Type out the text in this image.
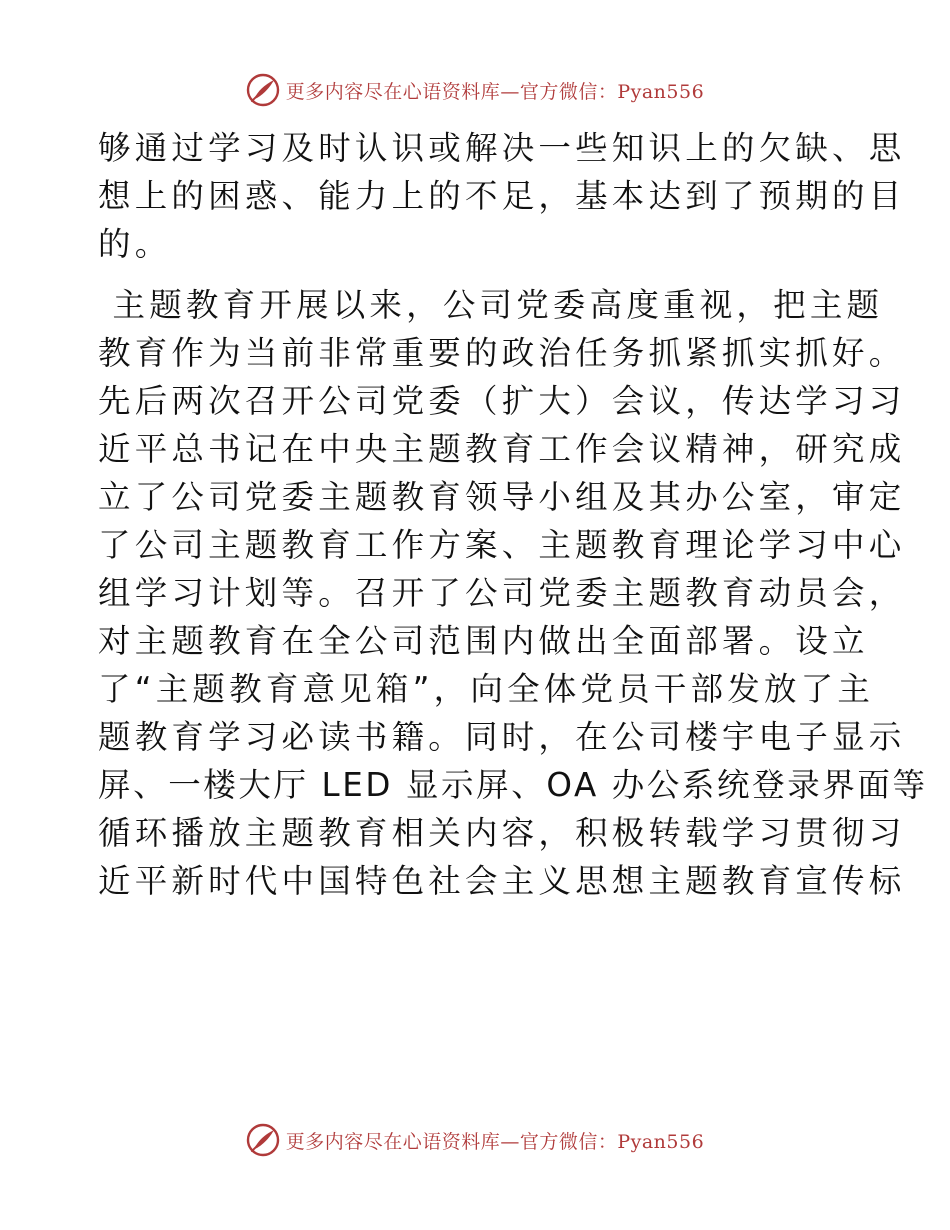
更多内容尽在心语资料库—官方微信：Pyan556
够通过学习及时认识或解决一些知识上的欠缺、思
想上的困惑、能力上的不足，基本达到了预期的目
的。
主题教育开展以来，公司党委高度重视，把主题
教育作为当前非常重要的政治任务抓紧抓实抓好。
先后两次召开公司党委（扩大）会议，传达学习习
近平总书记在中央主题教育工作会议精神，研究成
立了公司党委主题教育领导小组及其办公室，审定
了公司主题教育工作方案、主题教育理论学习中心
组学习计划等。召开了公司党委主题教育动员会，
对主题教育在全公司范围内做出全面部署。设立
了“主题教育意见箱”，向全体党员干部发放了主
题教育学习必读书籍。同时，在公司楼宇电子显示
屏、一楼大厅 LED 显示屏、OA 办公系统登录界面等
循环播放主题教育相关内容，积极转载学习贯彻习
近平新时代中国特色社会主义思想主题教育宣传标
更多内容尽在心语资料库—官方微信：Pyan556
